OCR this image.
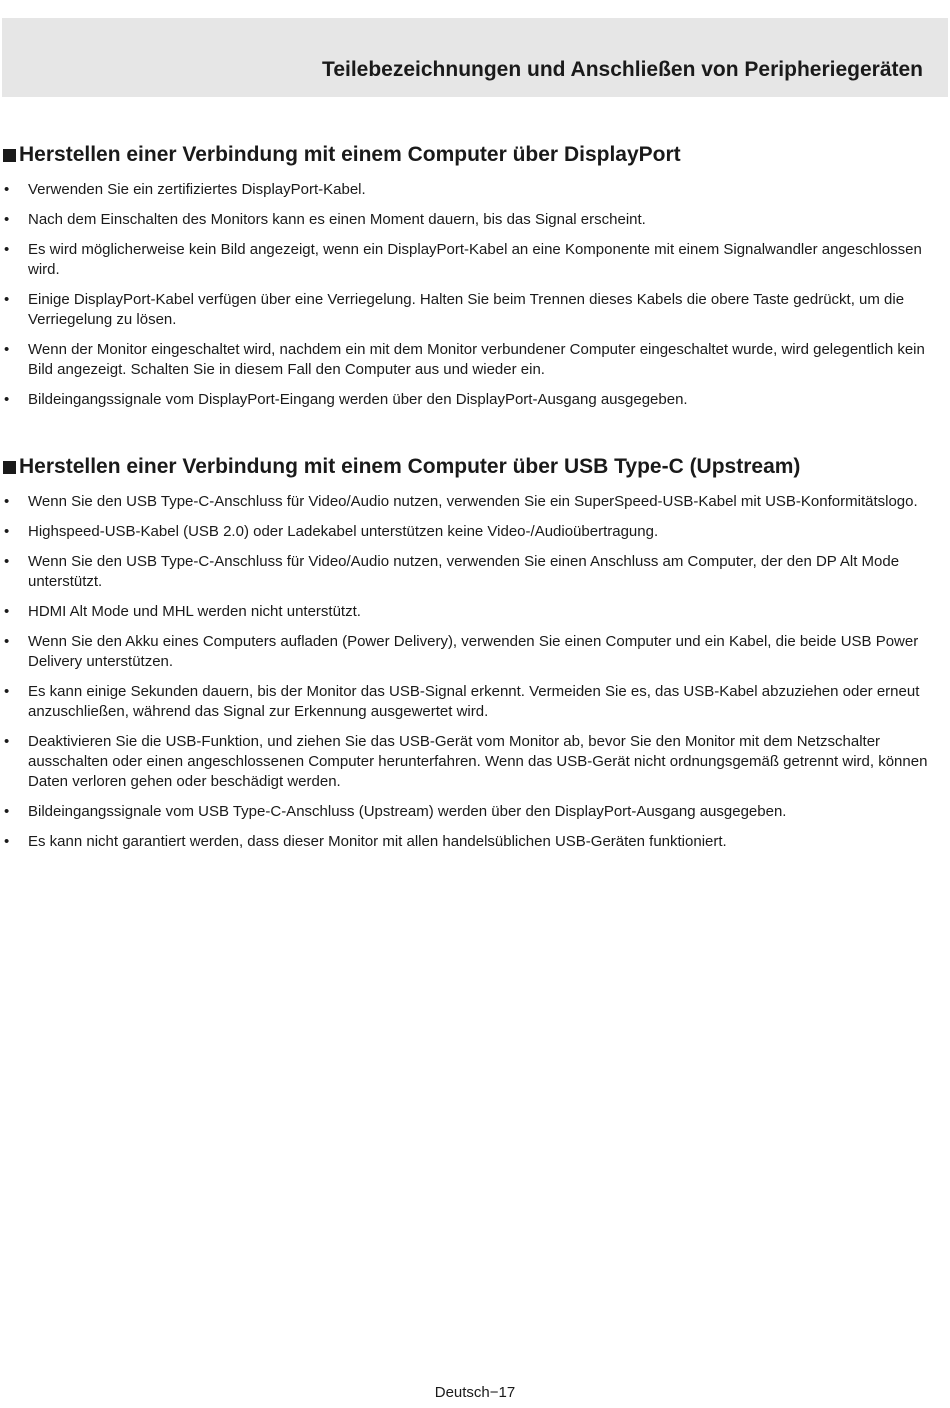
Teilebezeichnungen und Anschließen von Peripheriegeräten
Herstellen einer Verbindung mit einem Computer über DisplayPort
• Verwenden Sie ein zertifiziertes DisplayPort-Kabel.
• Nach dem Einschalten des Monitors kann es einen Moment dauern, bis das Signal erscheint.
• Es wird möglicherweise kein Bild angezeigt, wenn ein DisplayPort-Kabel an eine Komponente mit einem Signalwandler angeschlossen wird.
• Einige DisplayPort-Kabel verfügen über eine Verriegelung. Halten Sie beim Trennen dieses Kabels die obere Taste gedrückt, um die Verriegelung zu lösen.
• Wenn der Monitor eingeschaltet wird, nachdem ein mit dem Monitor verbundener Computer eingeschaltet wurde, wird gelegentlich kein Bild angezeigt. Schalten Sie in diesem Fall den Computer aus und wieder ein.
• Bildeingangssignale vom DisplayPort-Eingang werden über den DisplayPort-Ausgang ausgegeben.
Herstellen einer Verbindung mit einem Computer über USB Type-C (Upstream)
• Wenn Sie den USB Type-C-Anschluss für Video/Audio nutzen, verwenden Sie ein SuperSpeed-USB-Kabel mit USB-Konformitätslogo.
• Highspeed-USB-Kabel (USB 2.0) oder Ladekabel unterstützen keine Video-/Audioübertragung.
• Wenn Sie den USB Type-C-Anschluss für Video/Audio nutzen, verwenden Sie einen Anschluss am Computer, der den DP Alt Mode unterstützt.
• HDMI Alt Mode und MHL werden nicht unterstützt.
• Wenn Sie den Akku eines Computers aufladen (Power Delivery), verwenden Sie einen Computer und ein Kabel, die beide USB Power Delivery unterstützen.
• Es kann einige Sekunden dauern, bis der Monitor das USB-Signal erkennt. Vermeiden Sie es, das USB-Kabel abzuziehen oder erneut anzuschließen, während das Signal zur Erkennung ausgewertet wird.
• Deaktivieren Sie die USB-Funktion, und ziehen Sie das USB-Gerät vom Monitor ab, bevor Sie den Monitor mit dem Netzschalter ausschalten oder einen angeschlossenen Computer herunterfahren. Wenn das USB-Gerät nicht ordnungsgemäß getrennt wird, können Daten verloren gehen oder beschädigt werden.
• Bildeingangssignale vom USB Type-C-Anschluss (Upstream) werden über den DisplayPort-Ausgang ausgegeben.
• Es kann nicht garantiert werden, dass dieser Monitor mit allen handelsüblichen USB-Geräten funktioniert.

Deutsch−17
